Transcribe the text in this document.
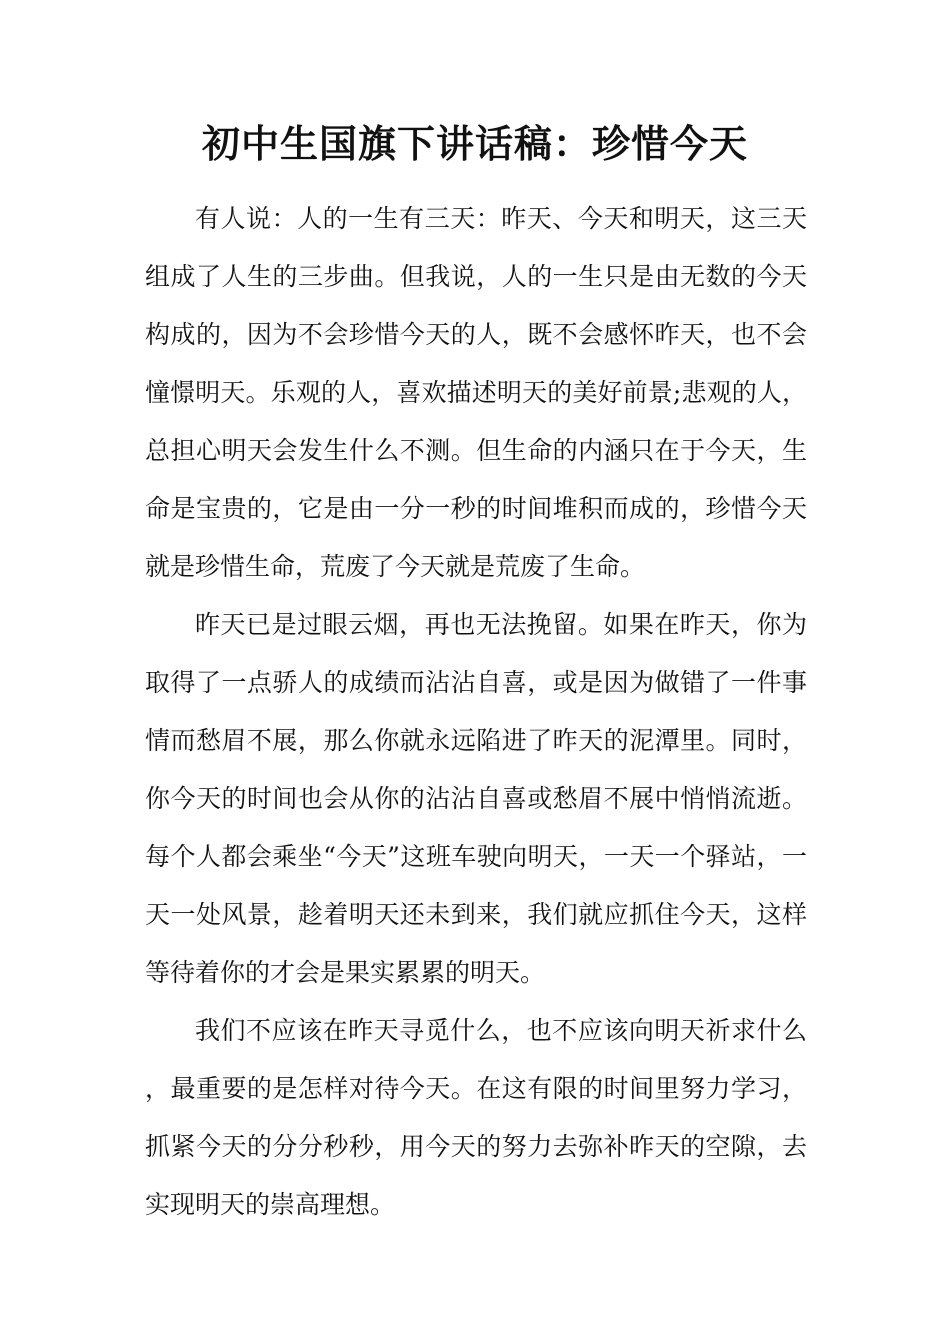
初中生国旗下讲话稿：珍惜今天

有人说：人的一生有三天：昨天、今天和明天，这三天组成了人生的三步曲。但我说，人的一生只是由无数的今天构成的，因为不会珍惜今天的人，既不会感怀昨天，也不会憧憬明天。乐观的人，喜欢描述明天的美好前景;悲观的人，总担心明天会发生什么不测。但生命的内涵只在于今天，生命是宝贵的，它是由一分一秒的时间堆积而成的，珍惜今天就是珍惜生命，荒废了今天就是荒废了生命。

昨天已是过眼云烟，再也无法挽留。如果在昨天，你为取得了一点骄人的成绩而沾沾自喜，或是因为做错了一件事情而愁眉不展，那么你就永远陷进了昨天的泥潭里。同时，你今天的时间也会从你的沾沾自喜或愁眉不展中悄悄流逝。每个人都会乘坐“今天”这班车驶向明天，一天一个驿站，一天一处风景，趁着明天还未到来，我们就应抓住今天，这样等待着你的才会是果实累累的明天。

我们不应该在昨天寻觅什么，也不应该向明天祈求什么，最重要的是怎样对待今天。在这有限的时间里努力学习，抓紧今天的分分秒秒，用今天的努力去弥补昨天的空隙，去实现明天的崇高理想。
